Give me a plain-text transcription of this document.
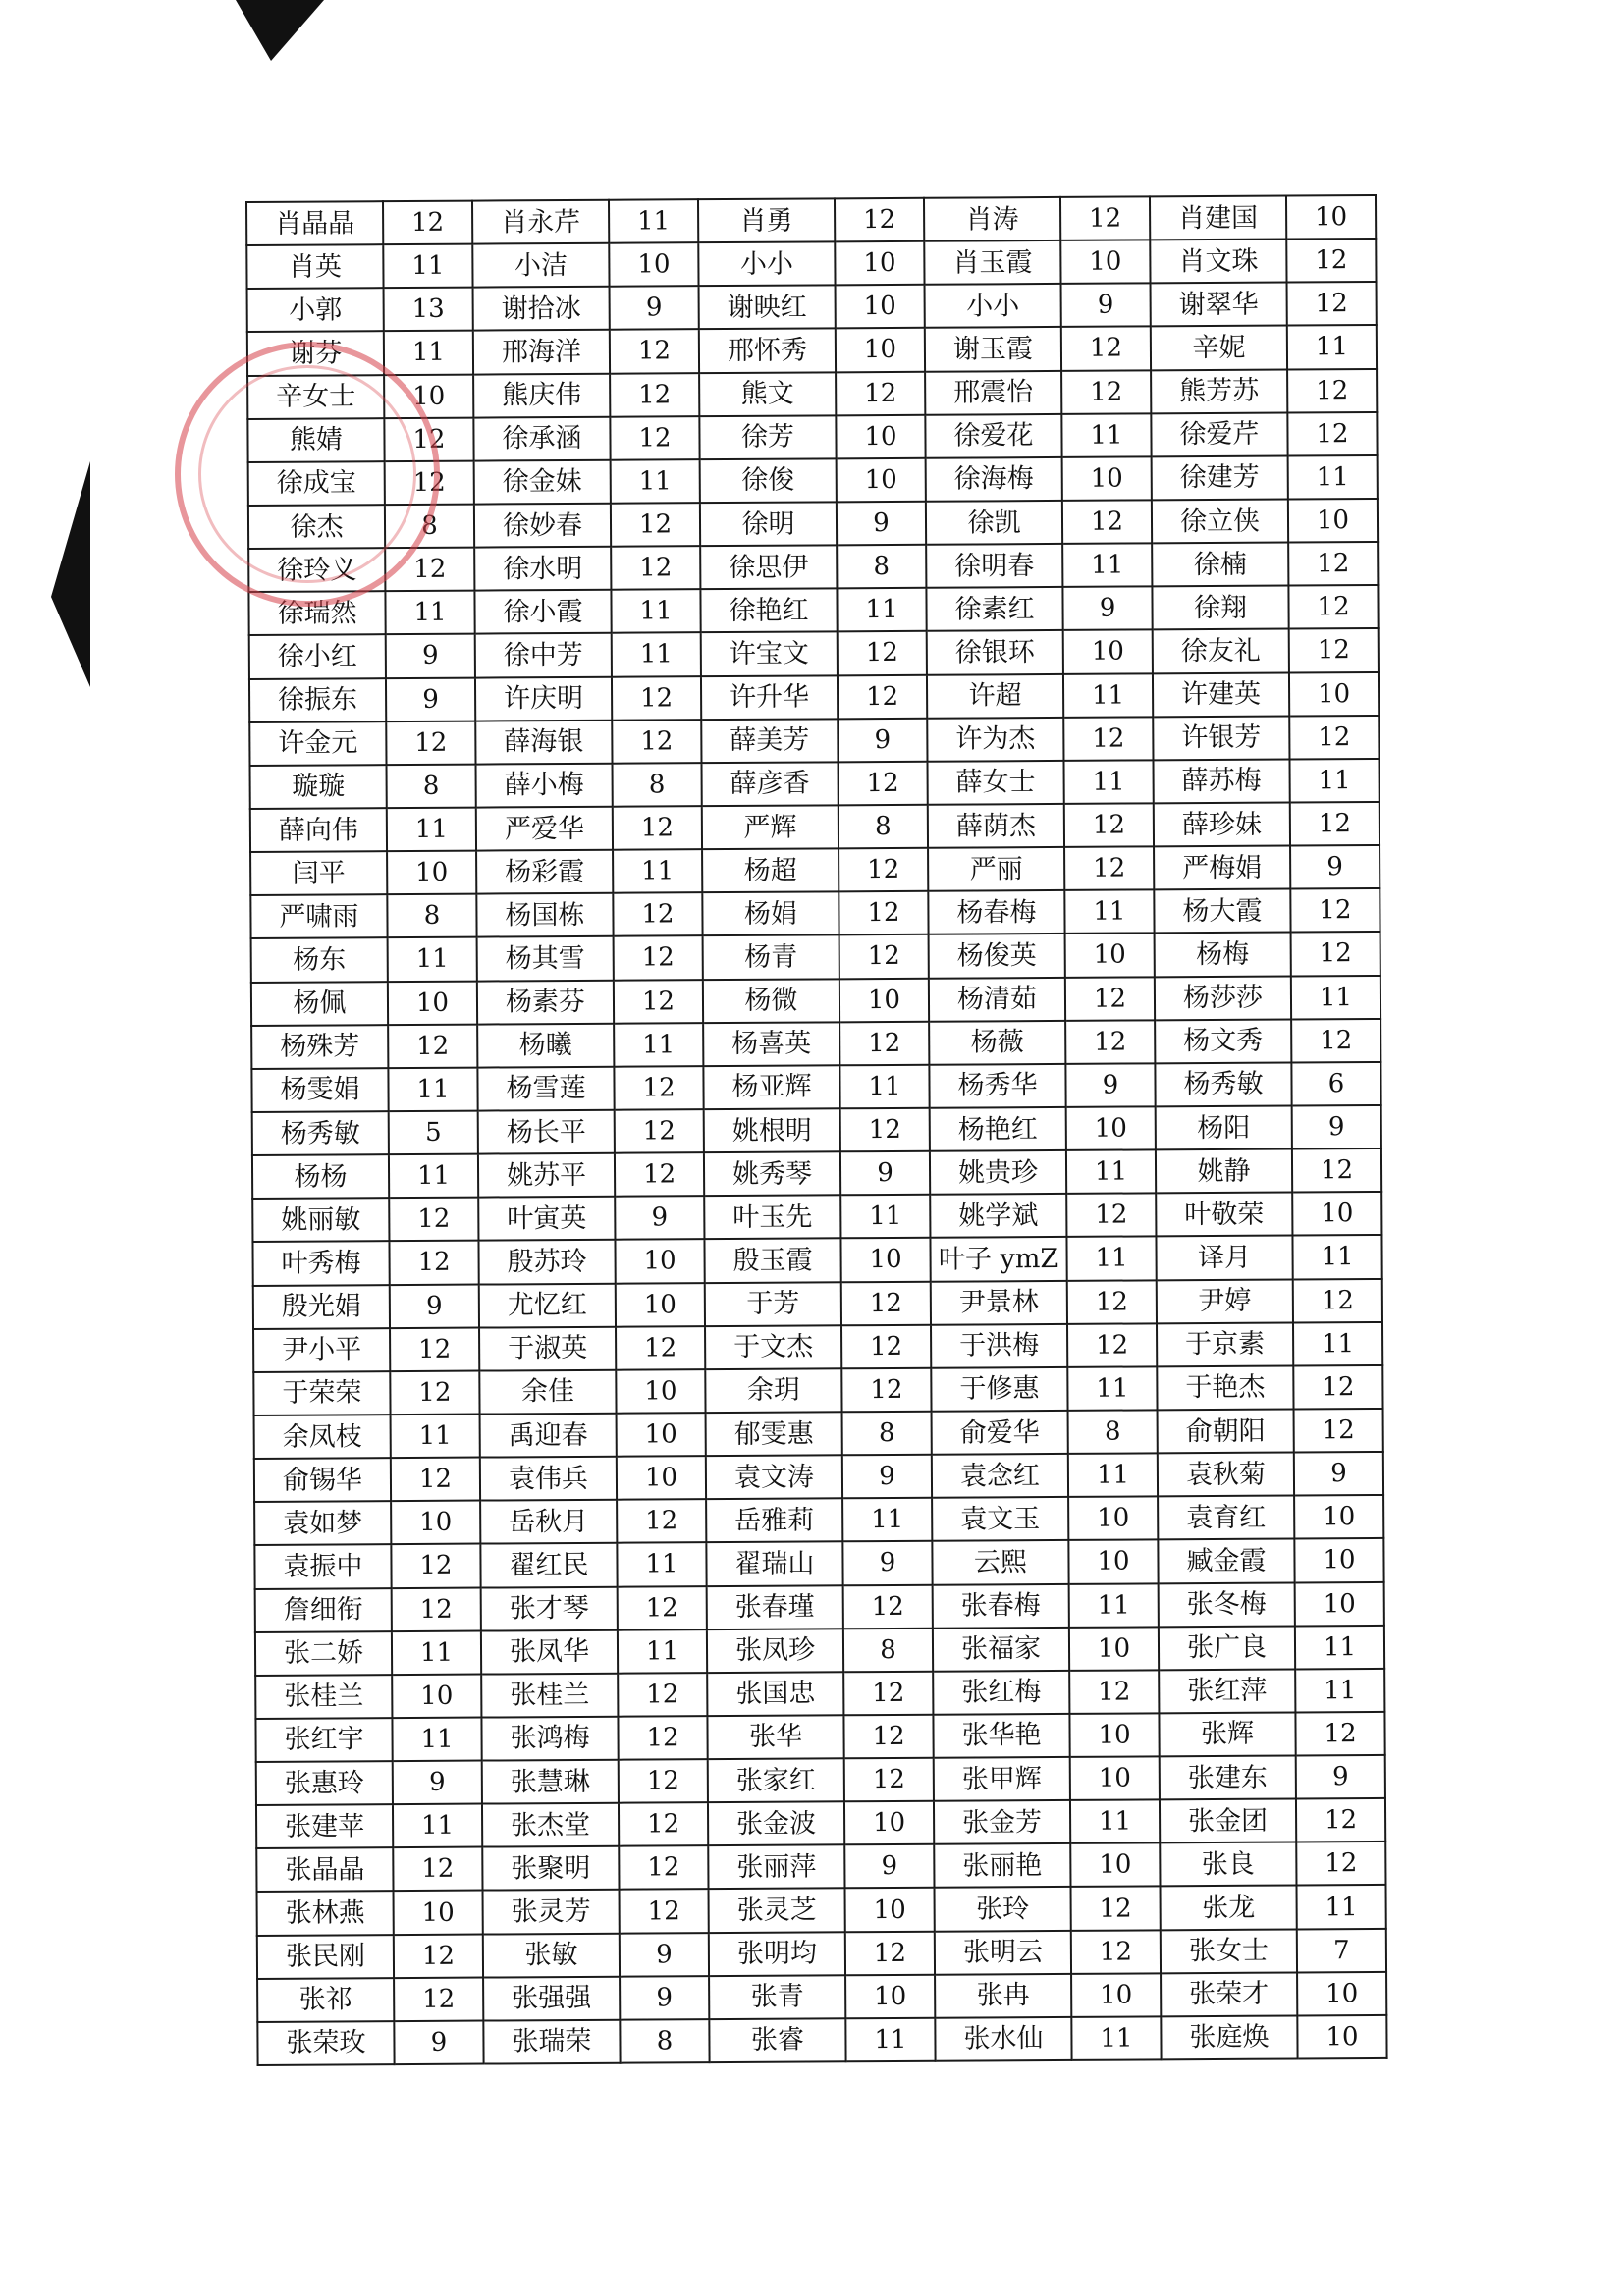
肖晶晶	12	肖永芹	11	肖勇	12	肖涛	12	肖建国	10
肖英	11	小洁	10	小小	10	肖玉霞	10	肖文珠	12
小郭	13	谢拾冰	9	谢映红	10	小小	9	谢翠华	12
谢芬	11	邢海洋	12	邢怀秀	10	谢玉霞	12	辛妮	11
辛女士	10	熊庆伟	12	熊文	12	邢震怡	12	熊芳苏	12
熊婧	12	徐承涵	12	徐芳	10	徐爱花	11	徐爱芹	12
徐成宝	12	徐金妹	11	徐俊	10	徐海梅	10	徐建芳	11
徐杰	8	徐妙春	12	徐明	9	徐凯	12	徐立侠	10
徐玲义	12	徐水明	12	徐思伊	8	徐明春	11	徐楠	12
徐瑞然	11	徐小霞	11	徐艳红	11	徐素红	9	徐翔	12
徐小红	9	徐中芳	11	许宝文	12	徐银环	10	徐友礼	12
徐振东	9	许庆明	12	许升华	12	许超	11	许建英	10
许金元	12	薛海银	12	薛美芳	9	许为杰	12	许银芳	12
璇璇	8	薛小梅	8	薛彦香	12	薛女士	11	薛苏梅	11
薛向伟	11	严爱华	12	严辉	8	薛荫杰	12	薛珍妹	12
闫平	10	杨彩霞	11	杨超	12	严丽	12	严梅娟	9
严啸雨	8	杨国栋	12	杨娟	12	杨春梅	11	杨大霞	12
杨东	11	杨其雪	12	杨青	12	杨俊英	10	杨梅	12
杨佩	10	杨素芬	12	杨微	10	杨清茹	12	杨莎莎	11
杨殊芳	12	杨曦	11	杨喜英	12	杨薇	12	杨文秀	12
杨雯娟	11	杨雪莲	12	杨亚辉	11	杨秀华	9	杨秀敏	6
杨秀敏	5	杨长平	12	姚根明	12	杨艳红	10	杨阳	9
杨杨	11	姚苏平	12	姚秀琴	9	姚贵珍	11	姚静	12
姚丽敏	12	叶寅英	9	叶玉先	11	姚学斌	12	叶敬荣	10
叶秀梅	12	殷苏玲	10	殷玉霞	10	叶子 ymZ	11	译月	11
殷光娟	9	尤忆红	10	于芳	12	尹景林	12	尹婷	12
尹小平	12	于淑英	12	于文杰	12	于洪梅	12	于京素	11
于荣荣	12	余佳	10	余玥	12	于修惠	11	于艳杰	12
余凤枝	11	禹迎春	10	郁雯惠	8	俞爱华	8	俞朝阳	12
俞锡华	12	袁伟兵	10	袁文涛	9	袁念红	11	袁秋菊	9
袁如梦	10	岳秋月	12	岳雅莉	11	袁文玉	10	袁育红	10
袁振中	12	翟红民	11	翟瑞山	9	云熙	10	臧金霞	10
詹细衔	12	张才琴	12	张春瑾	12	张春梅	11	张冬梅	10
张二娇	11	张凤华	11	张凤珍	8	张福家	10	张广良	11
张桂兰	10	张桂兰	12	张国忠	12	张红梅	12	张红萍	11
张红宇	11	张鸿梅	12	张华	12	张华艳	10	张辉	12
张惠玲	9	张慧琳	12	张家红	12	张甲辉	10	张建东	9
张建苹	11	张杰堂	12	张金波	10	张金芳	11	张金团	12
张晶晶	12	张聚明	12	张丽萍	9	张丽艳	10	张良	12
张林燕	10	张灵芳	12	张灵芝	10	张玲	12	张龙	11
张民刚	12	张敏	9	张明均	12	张明云	12	张女士	7
张祁	12	张强强	9	张青	10	张冉	10	张荣才	10
张荣玫	9	张瑞荣	8	张睿	11	张水仙	11	张庭焕	10
